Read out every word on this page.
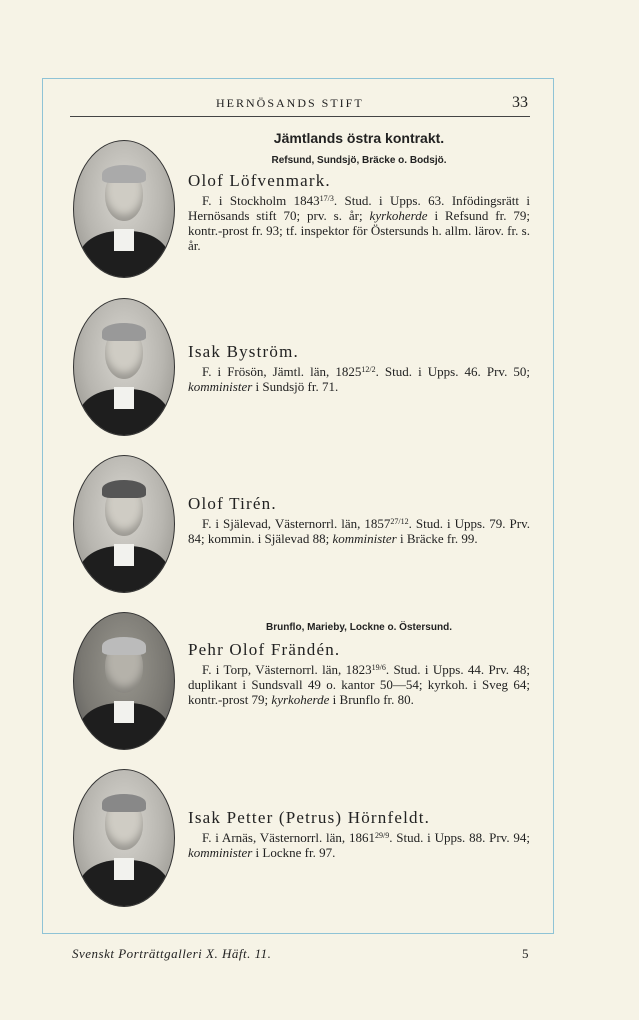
HERNÖSANDS STIFT	33
Jämtlands östra kontrakt.
Refsund, Sundsjö, Bräcke o. Bodsjö.
Brunflo, Marieby, Lockne o. Östersund.
Olof Löfvenmark.
F. i Stockholm $1843^{17/3}$. Stud. i Upps. 63. Infödingsrätt i Hernösands stift 70; prv. s. år; kyrkoherde i Refsund fr. 79; kontr.-prost fr. 93; tf. inspektor för Östersunds h. allm. lärov. fr. s. år.
Isak Byström.
F. i Frösön, Jämtl. län, $1825^{12/2}$. Stud. i Upps. 46. Prv. 50; komminister i Sundsjö fr. 71.
Olof Tirén.
F. i Själevad, Västernorrl. län, $1857^{27/12}$. Stud. i Upps. 79. Prv. 84; kommin. i Själevad 88; komminister i Bräcke fr. 99.
Pehr Olof Frändén.
F. i Torp, Västernorrl. län, $1823^{19/6}$. Stud. i Upps. 44. Prv. 48; duplikant i Sundsvall 49 o. kantor 50—54; kyrkoh. i Sveg 64; kontr.-prost 79; kyrkoherde i Brunflo fr. 80.
Isak Petter (Petrus) Hörnfeldt.
F. i Arnäs, Västernorrl. län, $1861^{29/9}$. Stud. i Upps. 88. Prv. 94; komminister i Lockne fr. 97.
Svenskt Porträttgalleri X. Häft. 11.	5
